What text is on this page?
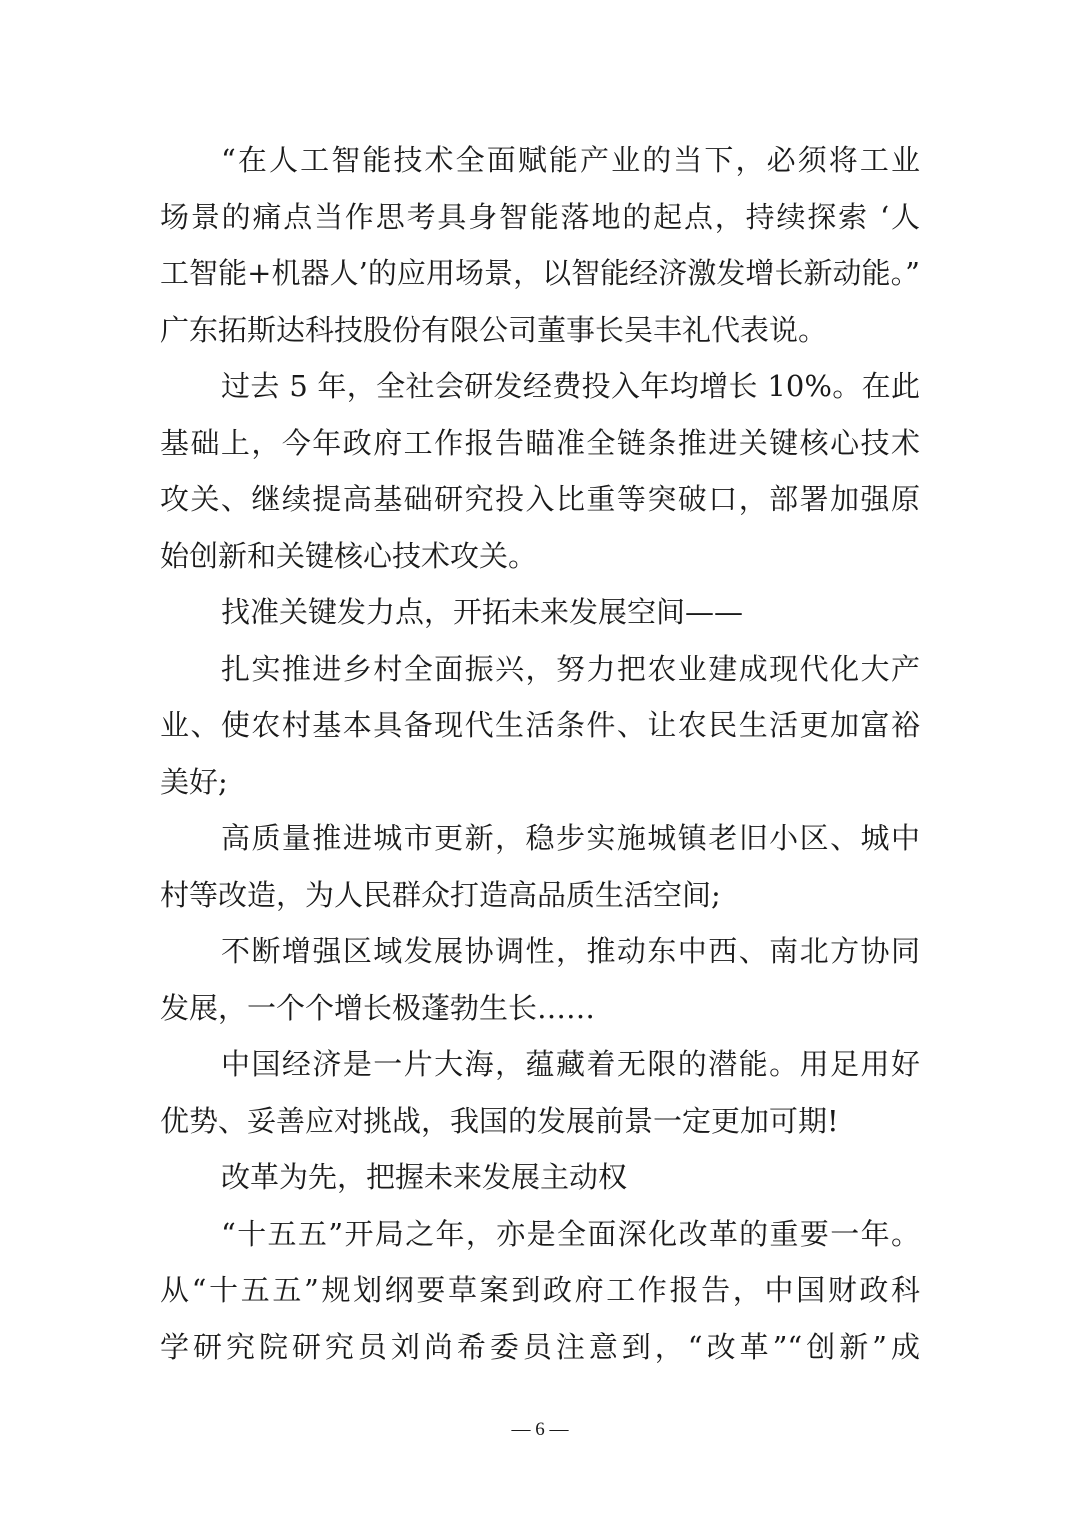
“在人工智能技术全面赋能产业的当下，必须将工业
场景的痛点当作思考具身智能落地的起点，持续探索 ‘人
工智能+机器人’的应用场景，以智能经济激发增长新动能。”
广东拓斯达科技股份有限公司董事长吴丰礼代表说。
过去 5 年，全社会研发经费投入年均增长 10%。在此
基础上，今年政府工作报告瞄准全链条推进关键核心技术
攻关、继续提高基础研究投入比重等突破口，部署加强原
始创新和关键核心技术攻关。
找准关键发力点，开拓未来发展空间——
扎实推进乡村全面振兴，努力把农业建成现代化大产
业、使农村基本具备现代生活条件、让农民生活更加富裕
美好;
高质量推进城市更新，稳步实施城镇老旧小区、城中
村等改造，为人民群众打造高品质生活空间;
不断增强区域发展协调性，推动东中西、南北方协同
发展，一个个增长极蓬勃生长……
中国经济是一片大海，蕴藏着无限的潜能。用足用好
优势、妥善应对挑战，我国的发展前景一定更加可期!
改革为先，把握未来发展主动权
“十五五”开局之年，亦是全面深化改革的重要一年。
从“十五五”规划纲要草案到政府工作报告，中国财政科
学研究院研究员刘尚希委员注意到，“改革”“创新”成
— 6 —
